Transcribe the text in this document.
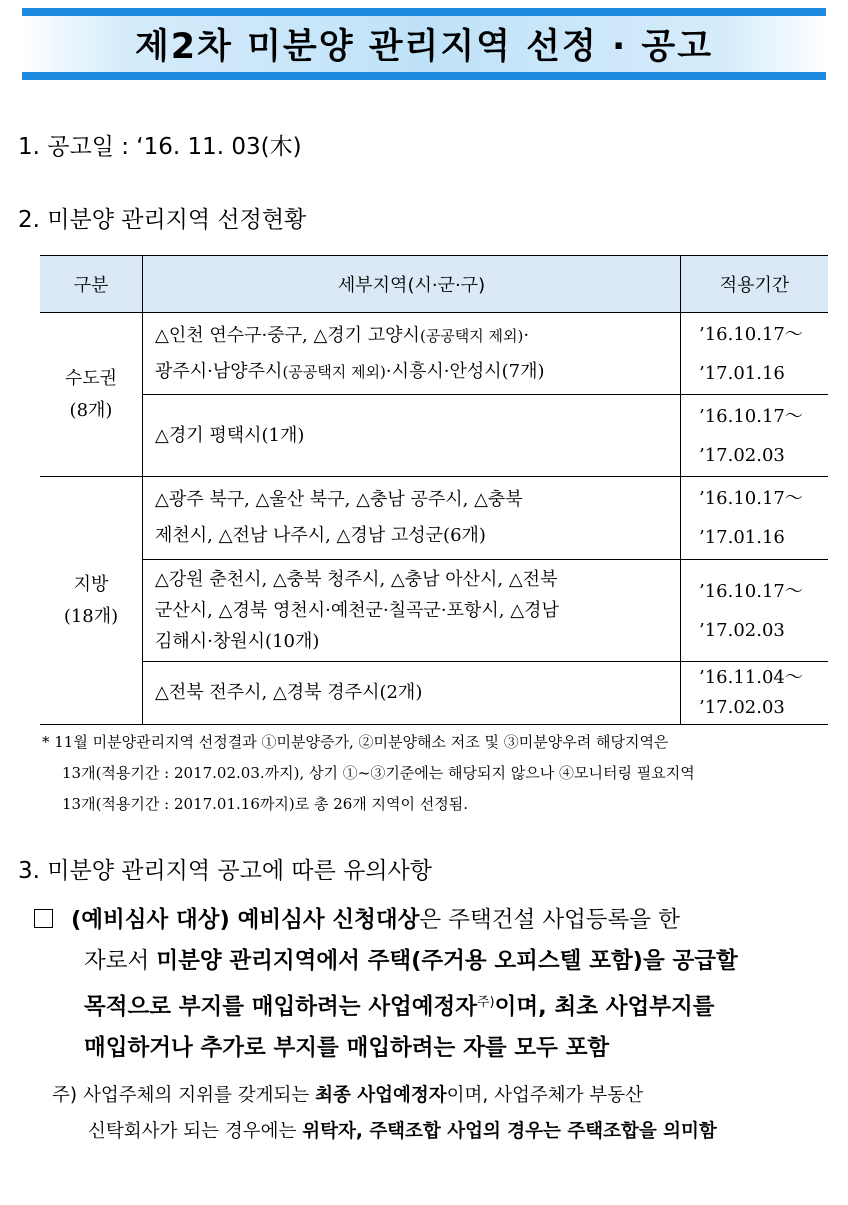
제2차 미분양 관리지역 선정 · 공고
1. 공고일 : ‘16. 11. 03(木)
2. 미분양 관리지역 선정현황
구분	세부지역(시·군·구)	적용기간
수도권
(8개)	△인천 연수구·중구, △경기 고양시(공공택지 제외)·
광주시·남양주시(공공택지 제외)·시흥시·안성시(7개)	’16.10.17～
’17.01.16
	△경기 평택시(1개)	’16.10.17～
’17.02.03
지방
(18개)	△광주 북구, △울산 북구, △충남 공주시, △충북
제천시, △전남 나주시, △경남 고성군(6개)	’16.10.17～
’17.01.16
	△강원 춘천시, △충북 청주시, △충남 아산시, △전북
군산시, △경북 영천시·예천군·칠곡군·포항시, △경남
김해시·창원시(10개)	’16.10.17～
’17.02.03
	△전북 전주시, △경북 경주시(2개)	’16.11.04～
’17.02.03
* 11월 미분양관리지역 선정결과 ①미분양증가, ②미분양해소 저조 및 ③미분양우려 해당지역은
13개(적용기간 : 2017.02.03.까지), 상기 ①~③기준에는 해당되지 않으나 ④모니터링 필요지역
13개(적용기간 : 2017.01.16까지)로 총 26개 지역이 선정됨.
3. 미분양 관리지역 공고에 따른 유의사항
(예비심사 대상) 예비심사 신청대상은 주택건설 사업등록을 한
자로서 미분양 관리지역에서 주택(주거용 오피스텔 포함)을 공급할
목적으로 부지를 매입하려는 사업예정자$^{주)}$이며, 최초 사업부지를
매입하거나 추가로 부지를 매입하려는 자를 모두 포함
주) 사업주체의 지위를 갖게되는 최종 사업예정자이며, 사업주체가 부동산
신탁회사가 되는 경우에는 위탁자, 주택조합 사업의 경우는 주택조합을 의미함
